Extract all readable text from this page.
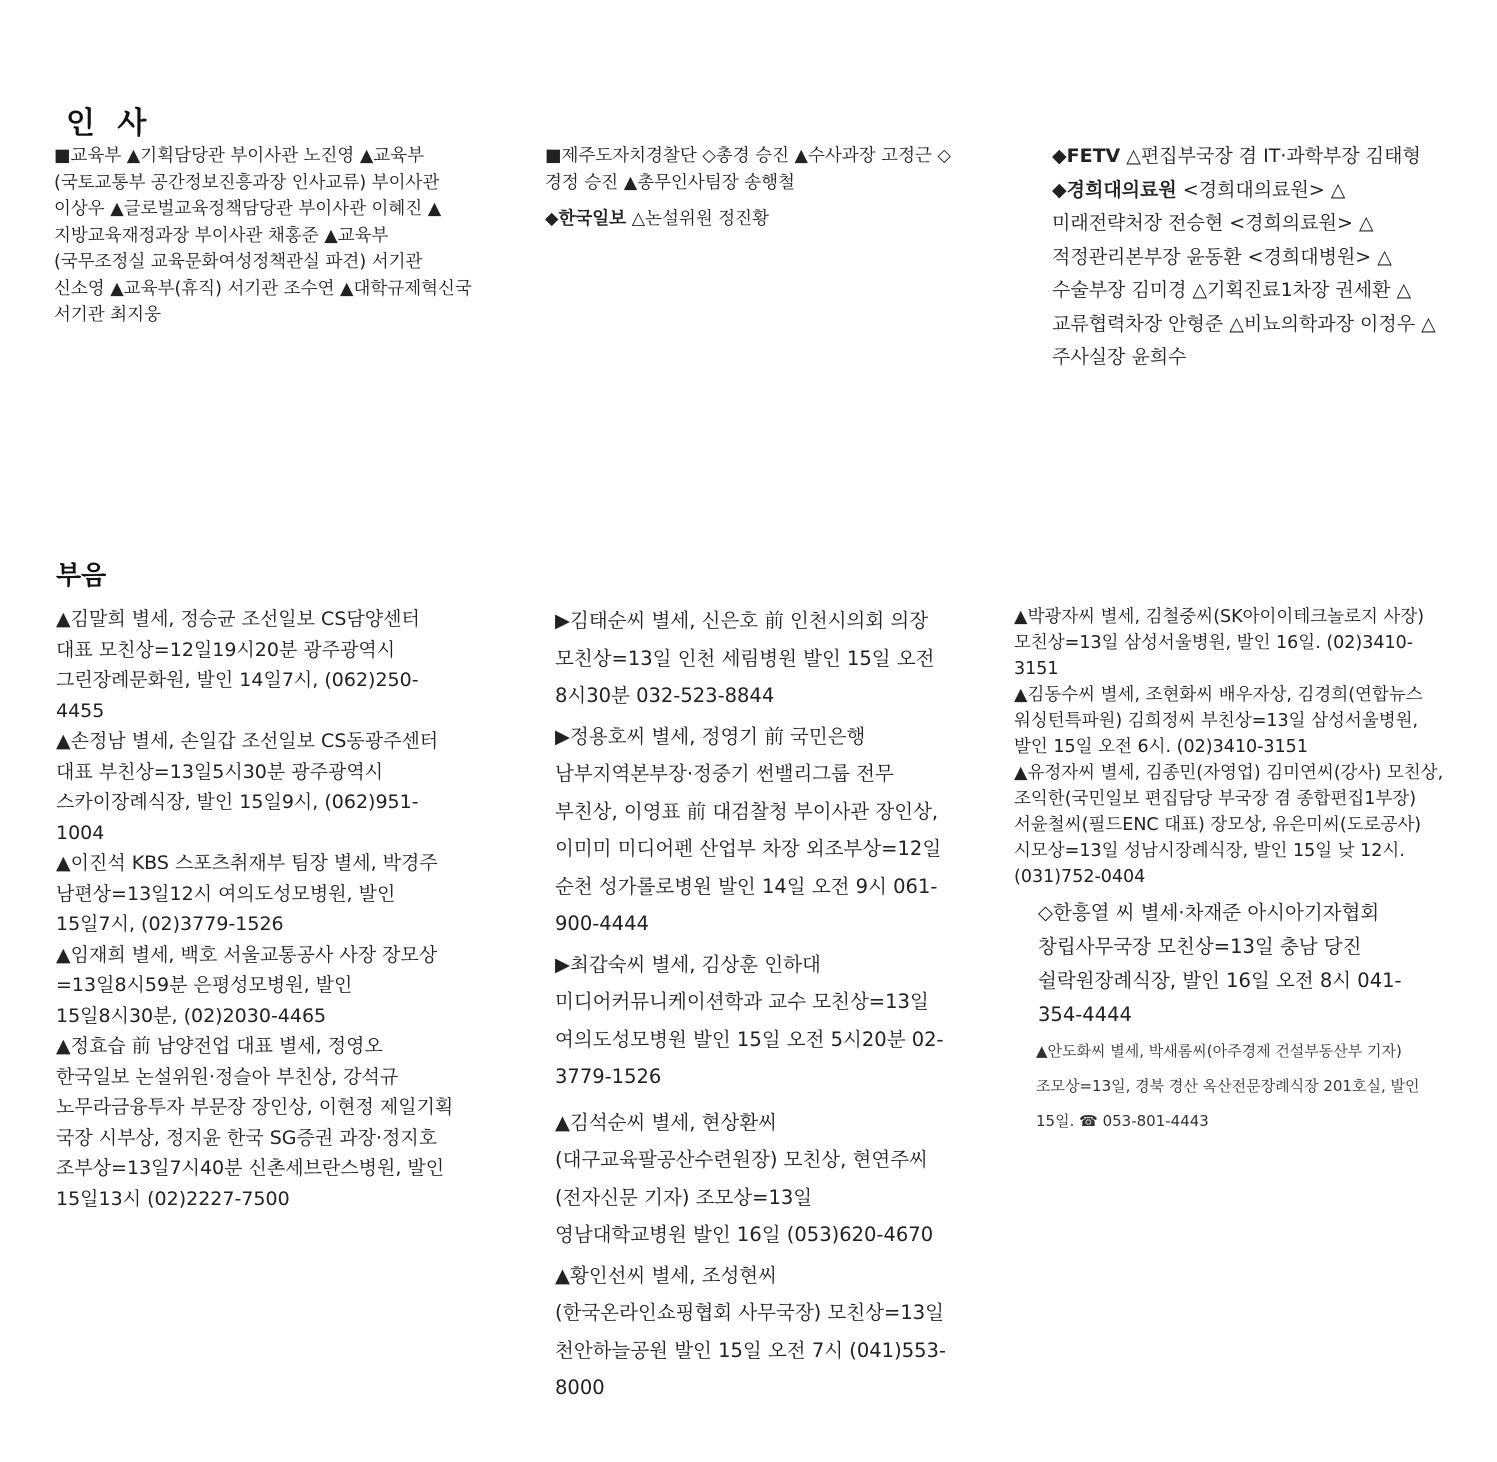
인 사

■교육부 ▲기획담당관 부이사관 노진영 ▲교육부(국토교통부 공간정보진흥과장 인사교류) 부이사관 이상우 ▲글로벌교육정책담당관 부이사관 이혜진 ▲지방교육재정과장 부이사관 채홍준 ▲교육부(국무조정실 교육문화여성정책관실 파견) 서기관 신소영 ▲교육부(휴직) 서기관 조수연 ▲대학규제혁신국 서기관 최지웅

■제주도자치경찰단 ◇총경 승진 ▲수사과장 고정근 ◇경정 승진 ▲총무인사팀장 송행철

◆한국일보 △논설위원 정진황

◆FETV △편집부국장 겸 IT·과학부장 김태형

◆경희대의료원 <경희대의료원> △미래전략처장 전승현 <경희의료원> △적정관리본부장 윤동환 <경희대병원> △수술부장 김미경 △기획진료1차장 권세환 △교류협력차장 안형준 △비뇨의학과장 이정우 △주사실장 윤희수

부음

▲김말희 별세, 정승균 조선일보 CS담양센터 대표 모친상=12일19시20분 광주광역시 그린장례문화원, 발인 14일7시, (062)250-4455

▲손정남 별세, 손일갑 조선일보 CS동광주센터 대표 부친상=13일5시30분 광주광역시 스카이장례식장, 발인 15일9시, (062)951-1004

▲이진석 KBS 스포츠취재부 팀장 별세, 박경주 남편상=13일12시 여의도성모병원, 발인 15일7시, (02)3779-1526

▲임재희 별세, 백호 서울교통공사 사장 장모상=13일8시59분 은평성모병원, 발인 15일8시30분, (02)2030-4465

▲정효습 前 남양전업 대표 별세, 정영오 한국일보 논설위원·정슬아 부친상, 강석규 노무라금융투자 부문장 장인상, 이현정 제일기획 국장 시부상, 정지윤 한국 SG증권 과장·정지호 조부상=13일7시40분 신촌세브란스병원, 발인 15일13시 (02)2227-7500

▶김태순씨 별세, 신은호 前 인천시의회 의장 모친상=13일 인천 세림병원 발인 15일 오전 8시30분 032-523-8844

▶정용호씨 별세, 정영기 前 국민은행 남부지역본부장·정중기 썬밸리그룹 전무 부친상, 이영표 前 대검찰청 부이사관 장인상, 이미미 미디어펜 산업부 차장 외조부상=12일 순천 성가롤로병원 발인 14일 오전 9시 061-900-4444

▶최갑숙씨 별세, 김상훈 인하대 미디어커뮤니케이션학과 교수 모친상=13일 여의도성모병원 발인 15일 오전 5시20분 02-3779-1526

▲김석순씨 별세, 현상환씨(대구교육팔공산수련원장) 모친상, 현연주씨(전자신문 기자) 조모상=13일 영남대학교병원 발인 16일 (053)620-4670

▲황인선씨 별세, 조성현씨(한국온라인쇼핑협회 사무국장) 모친상=13일 천안하늘공원 발인 15일 오전 7시 (041)553-8000

▲박광자씨 별세, 김철중씨(SK아이이테크놀로지 사장) 모친상=13일 삼성서울병원, 발인 16일. (02)3410-3151

▲김동수씨 별세, 조현화씨 배우자상, 김경희(연합뉴스 워싱턴특파원) 김희정씨 부친상=13일 삼성서울병원, 발인 15일 오전 6시. (02)3410-3151

▲유정자씨 별세, 김종민(자영업) 김미연씨(강사) 모친상, 조익한(국민일보 편집담당 부국장 겸 종합편집1부장) 서윤철씨(필드ENC 대표) 장모상, 유은미씨(도로공사) 시모상=13일 성남시장례식장, 발인 15일 낮 12시. (031)752-0404

◇한흥열 씨 별세·차재준 아시아기자협회 창립사무국장 모친상=13일 충남 당진 쉴락원장례식장, 발인 16일 오전 8시 041-354-4444

▲안도화씨 별세, 박새롬씨(아주경제 건설부동산부 기자) 조모상=13일, 경북 경산 옥산전문장례식장 201호실, 발인 15일. ☎ 053-801-4443
